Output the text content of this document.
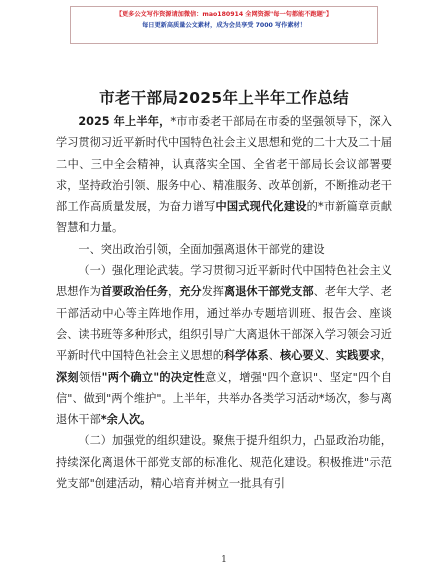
【更多公文写作资源请加微信：mao180914 全网资源"每一句都能不跑题"】
每日更新高质量公文素材，成为会员享受 7000 写作素材！
市老干部局2025年上半年工作总结

2025 年上半年，*市市委老干部局在市委的坚强领导下，深入学习贯彻习近平新时代中国特色社会主义思想和党的二十大及二十届二中、三中全会精神，认真落实全国、全省老干部局长会议部署要求，坚持政治引领、服务中心、精准服务、改革创新，不断推动老干部工作高质量发展，为奋力谱写中国式现代化建设的*市新篇章贡献智慧和力量。

一、突出政治引领，全面加强离退休干部党的建设

（一）强化理论武装。学习贯彻习近平新时代中国特色社会主义思想作为首要政治任务，充分发挥离退休干部党支部、老年大学、老干部活动中心等主阵地作用，通过举办专题培训班、报告会、座谈会、读书班等多种形式，组织引导广大离退休干部深入学习领会习近平新时代中国特色社会主义思想的科学体系、核心要义、实践要求，深刻领悟"两个确立"的决定性意义，增强"四个意识"、坚定"四个自信"、做到"两个维护"。上半年，共举办各类学习活动*场次，参与离退休干部*余人次。

（二）加强党的组织建设。聚焦于提升组织力，凸显政治功能，持续深化离退休干部党支部的标准化、规范化建设。积极推进"示范党支部"创建活动，精心培育并树立一批具有引

1
